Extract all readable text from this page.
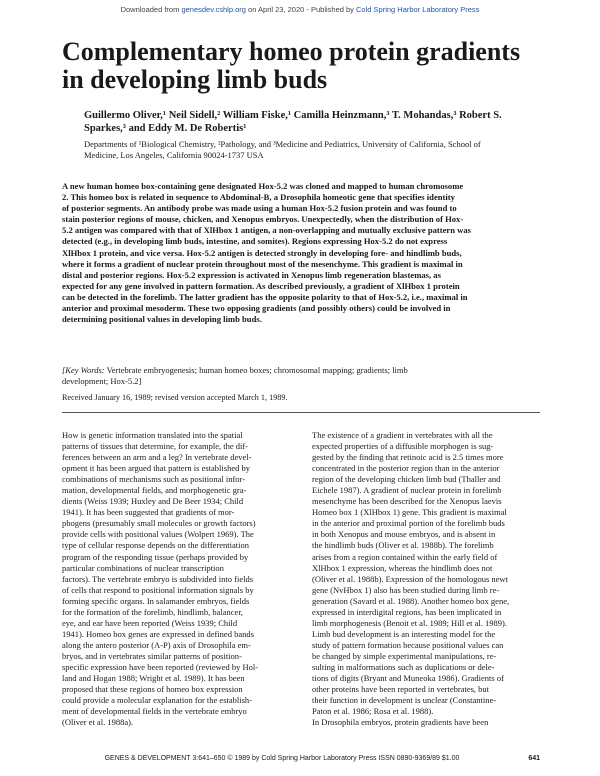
Downloaded from genesdev.cshlp.org on April 23, 2020 - Published by Cold Spring Harbor Laboratory Press
Complementary homeo protein gradients
in developing limb buds
Guillermo Oliver,¹ Neil Sidell,² William Fiske,¹ Camilla Heinzmann,³ T. Mohandas,³ Robert S.
Sparkes,³ and Eddy M. De Robertis¹
Departments of ¹Biological Chemistry, ²Pathology, and ³Medicine and Pediatrics, University of California, School of
Medicine, Los Angeles, California 90024-1737 USA
A new human homeo box-containing gene designated Hox-5.2 was cloned and mapped to human chromosome
2. This homeo box is related in sequence to Abdominal-B, a Drosophila homeotic gene that specifies identity
of posterior segments. An antibody probe was made using a human Hox-5.2 fusion protein and was found to
stain posterior regions of mouse, chicken, and Xenopus embryos. Unexpectedly, when the distribution of Hox-
5.2 antigen was compared with that of XlHbox 1 antigen, a non-overlapping and mutually exclusive pattern was
detected (e.g., in developing limb buds, intestine, and somites). Regions expressing Hox-5.2 do not express
XlHbox 1 protein, and vice versa. Hox-5.2 antigen is detected strongly in developing fore- and hindlimb buds,
where it forms a gradient of nuclear protein throughout most of the mesenchyme. This gradient is maximal in
distal and posterior regions. Hox-5.2 expression is activated in Xenopus limb regeneration blastemas, as
expected for any gene involved in pattern formation. As described previously, a gradient of XlHbox 1 protein
can be detected in the forelimb. The latter gradient has the opposite polarity to that of Hox-5.2, i.e., maximal in
anterior and proximal mesoderm. These two opposing gradients (and possibly others) could be involved in
determining positional values in developing limb buds.
[Key Words: Vertebrate embryogenesis; human homeo boxes; chromosomal mapping; gradients; limb
development; Hox-5.2]
Received January 16, 1989; revised version accepted March 1, 1989.
How is genetic information translated into the spatial
patterns of tissues that determine, for example, the dif-
ferences between an arm and a leg? In vertebrate devel-
opment it has been argued that pattern is established by
combinations of mechanisms such as positional infor-
mation, developmental fields, and morphogenetic gra-
dients (Weiss 1939; Huxley and De Beer 1934; Child
1941). It has been suggested that gradients of mor-
phogens (presumably small molecules or growth factors)
provide cells with positional values (Wolpert 1969). The
type of cellular response depends on the differentiation
program of the responding tissue (perhaps provided by
particular combinations of nuclear transcription
factors). The vertebrate embryo is subdivided into fields
of cells that respond to positional information signals by
forming specific organs. In salamander embryos, fields
for the formation of the forelimb, hindlimb, balancer,
eye, and ear have been reported (Weiss 1939; Child
1941). Homeo box genes are expressed in defined bands
along the antero posterior (A-P) axis of Drosophila em-
bryos, and in vertebrates similar patterns of position-
specific expression have been reported (reviewed by Hol-
land and Hogan 1988; Wright et al. 1989). It has been
proposed that these regions of homeo box expression
could provide a molecular explanation for the establish-
ment of developmental fields in the vertebrate embryo
(Oliver et al. 1988a).
The existence of a gradient in vertebrates with all the
expected properties of a diffusible morphogen is sug-
gested by the finding that retinoic acid is 2.5 times more
concentrated in the posterior region than in the anterior
region of the developing chicken limb bud (Thaller and
Eichele 1987). A gradient of nuclear protein in forelimb
mesenchyme has been described for the Xenopus laevis
Homeo box 1 (XlHbox 1) gene. This gradient is maximal
in the anterior and proximal portion of the forelimb buds
in both Xenopus and mouse embryos, and is absent in
the hindlimb buds (Oliver et al. 1988b). The forelimb
arises from a region contained within the early field of
XlHbox 1 expression, whereas the hindlimb does not
(Oliver et al. 1988b). Expression of the homologous newt
gene (NvHbox 1) also has been studied during limb re-
generation (Savard et al. 1988). Another homeo box gene,
expressed in interdigital regions, has been implicated in
limb morphogenesis (Benoit et al. 1989; Hill et al. 1989).
Limb bud development is an interesting model for the
study of pattern formation because positional values can
be changed by simple experimental manipulations, re-
sulting in malformations such as duplications or dele-
tions of digits (Bryant and Muneoka 1986). Gradients of
other proteins have been reported in vertebrates, but
their function in development is unclear (Constantine-
Paton et al. 1986; Rosa et al. 1988).
In Drosophila embryos, protein gradients have been
GENES & DEVELOPMENT 3:641–650 © 1989 by Cold Spring Harbor Laboratory Press ISSN 0890-9369/89 $1.00	641
